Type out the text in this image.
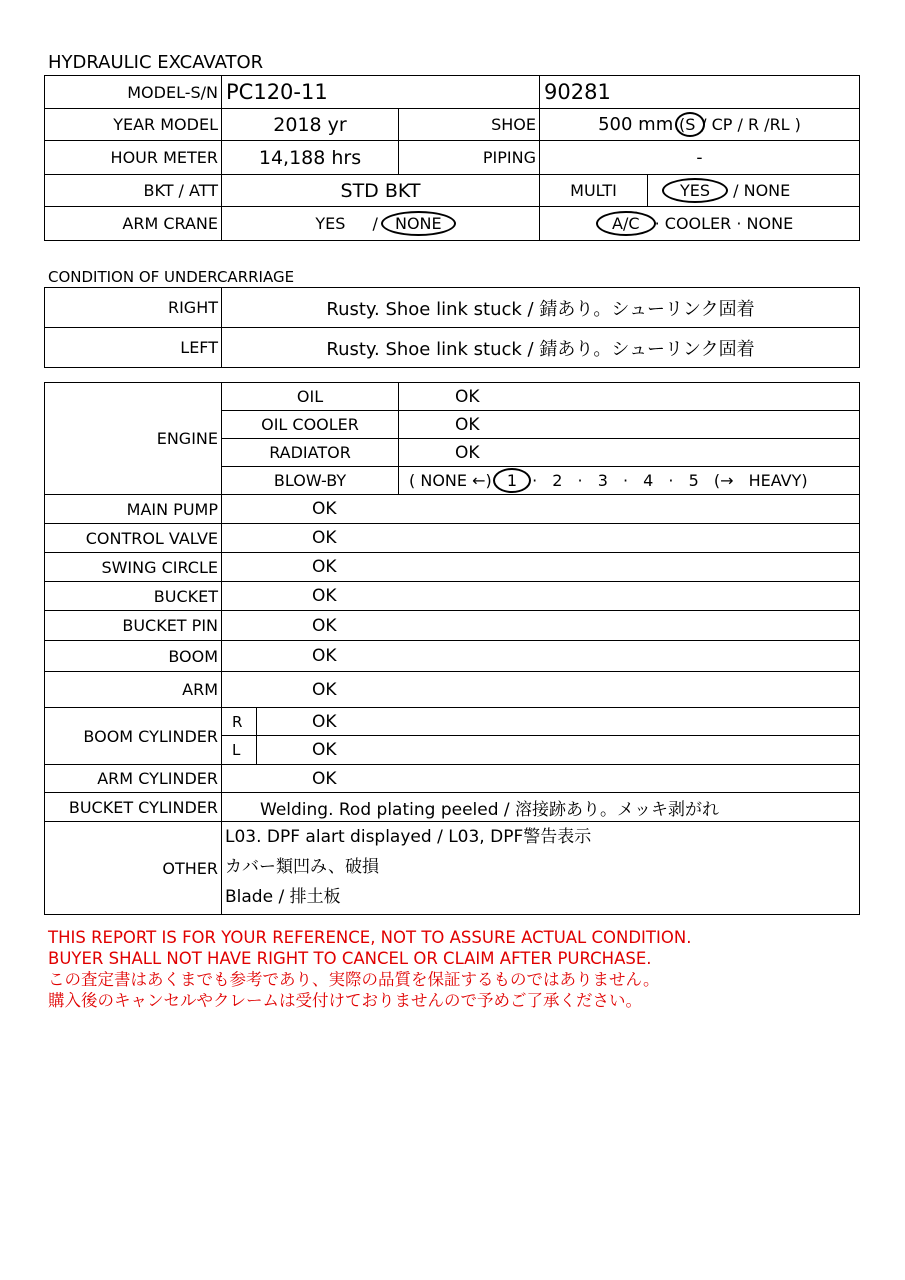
HYDRAULIC EXCAVATOR
MODEL-S/N	PC120-11		90281	
YEAR MODEL	2018 yr	SHOE	500 mm (S / CP / R /RL )	
HOUR METER	14,188 hrs	PIPING	-	
BKT / ATT	STD BKT		MULTI	YES / NONE
ARM CRANE	YES / NONE		A/C · COOLER · NONE	
CONDITION OF UNDERCARRIAGE
RIGHT	Rusty. Shoe link stuck / 錆あり。シューリンク固着
LEFT	Rusty. Shoe link stuck / 錆あり。シューリンク固着
ENGINE	OIL		OK
	OIL COOLER		OK
	RADIATOR		OK
	BLOW-BY		( NONE ←) 1 · 2 · 3 · 4 · 5 (→ HEAVY)
MAIN PUMP	OK		
CONTROL VALVE	OK		
SWING CIRCLE	OK		
BUCKET	OK		
BUCKET PIN	OK		
BOOM	OK		
ARM	OK		
BOOM CYLINDER	R	OK	
	L	OK	
ARM CYLINDER	OK		
BUCKET CYLINDER	Welding. Rod plating peeled / 溶接跡あり。メッキ剥がれ		
OTHER	L03. DPF alart displayed / L03, DPF警告表示
カバー類凹み、破損
Blade / 排土板		
THIS REPORT IS FOR YOUR REFERENCE, NOT TO ASSURE ACTUAL CONDITION.
BUYER SHALL NOT HAVE RIGHT TO CANCEL OR CLAIM AFTER PURCHASE.
この査定書はあくまでも参考であり、実際の品質を保証するものではありません。
購入後のキャンセルやクレームは受付けておりませんので予めご了承ください。
